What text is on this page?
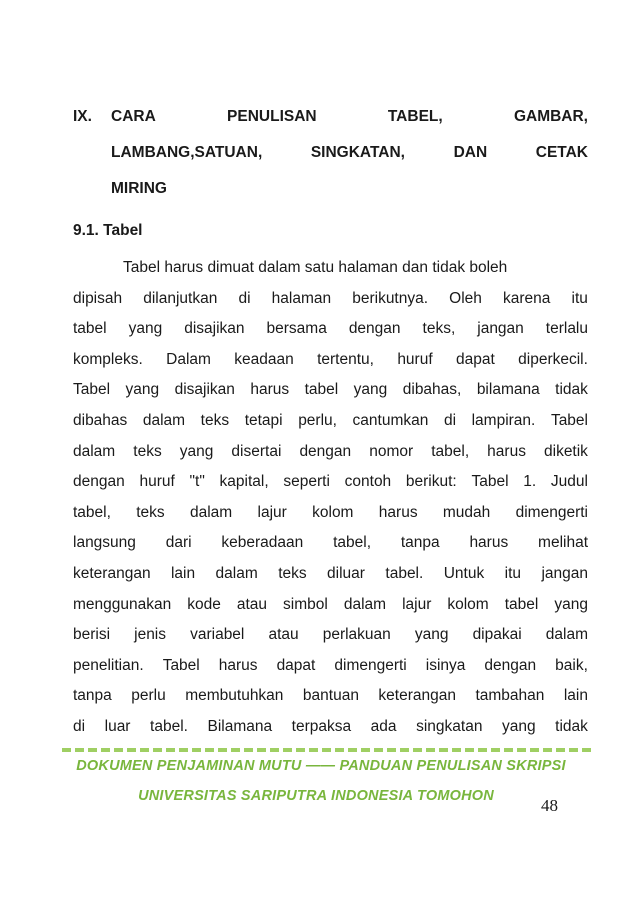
IX. CARA	PENULISAN	TABEL,	GAMBAR,
LAMBANG,SATUAN,	SINGKATAN,	DAN	CETAK
MIRING
9.1. Tabel
Tabel harus dimuat dalam satu halaman dan tidak boleh
dipisah dilanjutkan di halaman berikutnya. Oleh karena itu
tabel yang disajikan bersama dengan teks, jangan terlalu
kompleks. Dalam keadaan tertentu, huruf dapat diperkecil.
Tabel yang disajikan harus tabel yang dibahas, bilamana tidak
dibahas dalam teks tetapi perlu, cantumkan di lampiran. Tabel
dalam teks yang disertai dengan nomor tabel, harus diketik
dengan huruf "t" kapital, seperti contoh berikut: Tabel 1. Judul
tabel, teks dalam lajur kolom harus mudah dimengerti
langsung dari keberadaan tabel, tanpa harus melihat
keterangan lain dalam teks diluar tabel. Untuk itu jangan
menggunakan kode atau simbol dalam lajur kolom tabel yang
berisi jenis variabel atau perlakuan yang dipakai dalam
penelitian. Tabel harus dapat dimengerti isinya dengan baik,
tanpa perlu membutuhkan bantuan keterangan tambahan lain
di luar tabel. Bilamana terpaksa ada singkatan yang tidak
DOKUMEN PENJAMINAN MUTU —— PANDUAN PENULISAN SKRIPSI
UNIVERSITAS SARIPUTRA INDONESIA TOMOHON	48
